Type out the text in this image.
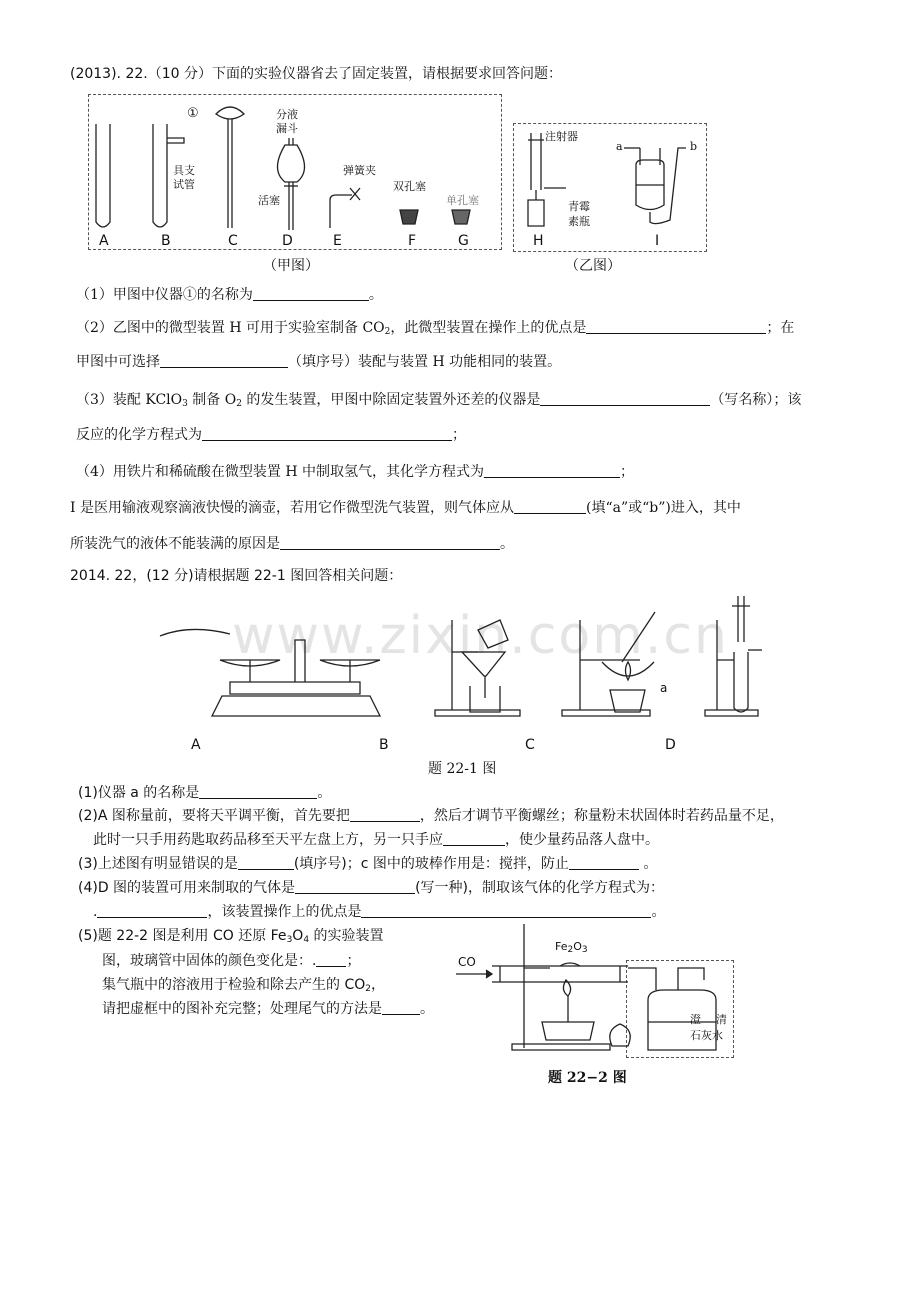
(2013). 22.（10 分）下面的实验仪器省去了固定装置，请根据要求回答问题：
①	分液
漏斗
具支
试管
活塞
弹簧夹
双孔塞
单孔塞
注射器
青霉
素瓶
a	b
A	B	C	D	E	F	G	H	I
（甲图）	（乙图）
（1）甲图中仪器①的名称为	。
（2）乙图中的微型装置 H 可用于实验室制备 $CO_2$，此微型装置在操作上的优点是	；在
甲图中可选择	（填序号）装配与装置 H 功能相同的装置。
（3）装配 KClO$_3$ 制备 $O_2$ 的发生装置，甲图中除固定装置外还差的仪器是	（写名称）；该
反应的化学方程式为	；
（4）用铁片和稀硫酸在微型装置 H 中制取氢气，其化学方程式为	；
I 是医用输液观察滴液快慢的滴壶，若用它作微型洗气装置，则气体应从	(填“a”或“b”)进入，其中
所装洗气的液体不能装满的原因是	。
2014. 22，(12 分)请根据题 22-1 图回答相关问题：
www.zixin.com.cn
a
A	B	C	D
题 22-1 图
(1)仪器 a 的名称是	。
(2)A 图称量前，要将天平调平衡，首先要把	，然后才调节平衡螺丝；称量粉末状固体时若药品量不足，
此时一只手用药匙取药品移至天平左盘上方，另一只手应	，使少量药品落人盘中。
(3)上述图有明显错误的是	(填序号)；c 图中的玻棒作用是：搅拌，防止	。
(4)D 图的装置可用来制取的气体是	(写一种)，制取该气体的化学方程式为：
.	，该装置操作上的优点是	。
(5)题 22-2 图是利用 CO 还原 $Fe_3O_4$ 的实验装置
图，玻璃管中固体的颜色变化是：. ；
集气瓶中的溶液用于检验和除去产生的 $CO_2$，
请把虚框中的图补充完整；处理尾气的方法是	。
CO
$Fe_2O_3$
澄 清
石灰水
题 22−2 图
